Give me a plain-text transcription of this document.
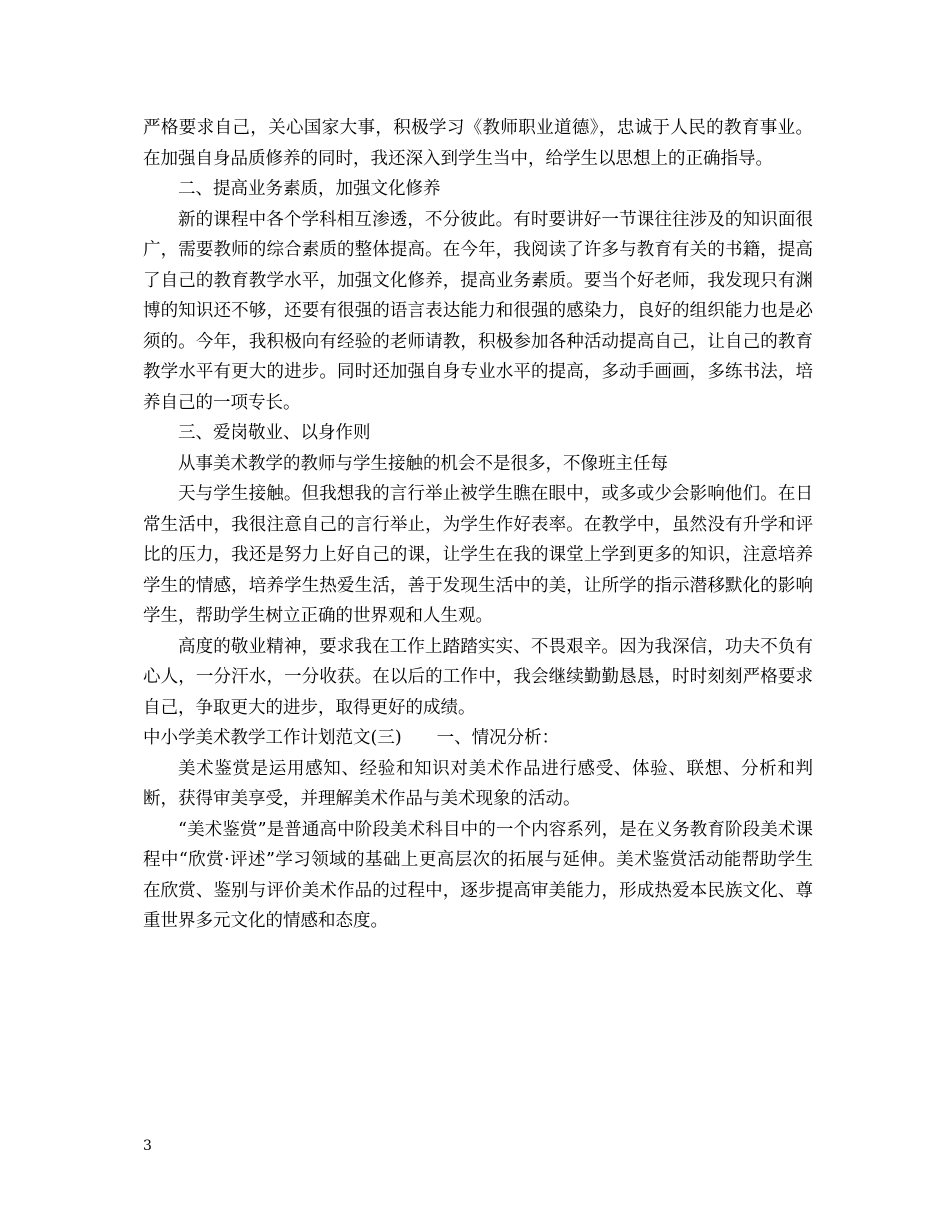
严格要求自己，关心国家大事，积极学习《教师职业道德》，忠诚于人民的教育事业。在加强自身品质修养的同时，我还深入到学生当中，给学生以思想上的正确指导。

二、提高业务素质，加强文化修养

新的课程中各个学科相互渗透，不分彼此。有时要讲好一节课往往涉及的知识面很广，需要教师的综合素质的整体提高。在今年，我阅读了许多与教育有关的书籍，提高了自己的教育教学水平，加强文化修养，提高业务素质。要当个好老师，我发现只有渊博的知识还不够，还要有很强的语言表达能力和很强的感染力，良好的组织能力也是必须的。今年，我积极向有经验的老师请教，积极参加各种活动提高自己，让自己的教育教学水平有更大的进步。同时还加强自身专业水平的提高，多动手画画，多练书法，培养自己的一项专长。

三、爱岗敬业、以身作则

从事美术教学的教师与学生接触的机会不是很多，不像班主任每

天与学生接触。但我想我的言行举止被学生瞧在眼中，或多或少会影响他们。在日常生活中，我很注意自己的言行举止，为学生作好表率。在教学中，虽然没有升学和评比的压力，我还是努力上好自己的课，让学生在我的课堂上学到更多的知识，注意培养学生的情感，培养学生热爱生活，善于发现生活中的美，让所学的指示潜移默化的影响学生，帮助学生树立正确的世界观和人生观。

高度的敬业精神，要求我在工作上踏踏实实、不畏艰辛。因为我深信，功夫不负有心人，一分汗水，一分收获。在以后的工作中，我会继续勤勤恳恳，时时刻刻严格要求自己，争取更大的进步，取得更好的成绩。

中小学美术教学工作计划范文(三)　　一、情况分析：

美术鉴赏是运用感知、经验和知识对美术作品进行感受、体验、联想、分析和判断，获得审美享受，并理解美术作品与美术现象的活动。

“美术鉴赏”是普通高中阶段美术科目中的一个内容系列，是在义务教育阶段美术课程中“欣赏·评述”学习领域的基础上更高层次的拓展与延伸。美术鉴赏活动能帮助学生在欣赏、鉴别与评价美术作品的过程中，逐步提高审美能力，形成热爱本民族文化、尊重世界多元文化的情感和态度。

3
